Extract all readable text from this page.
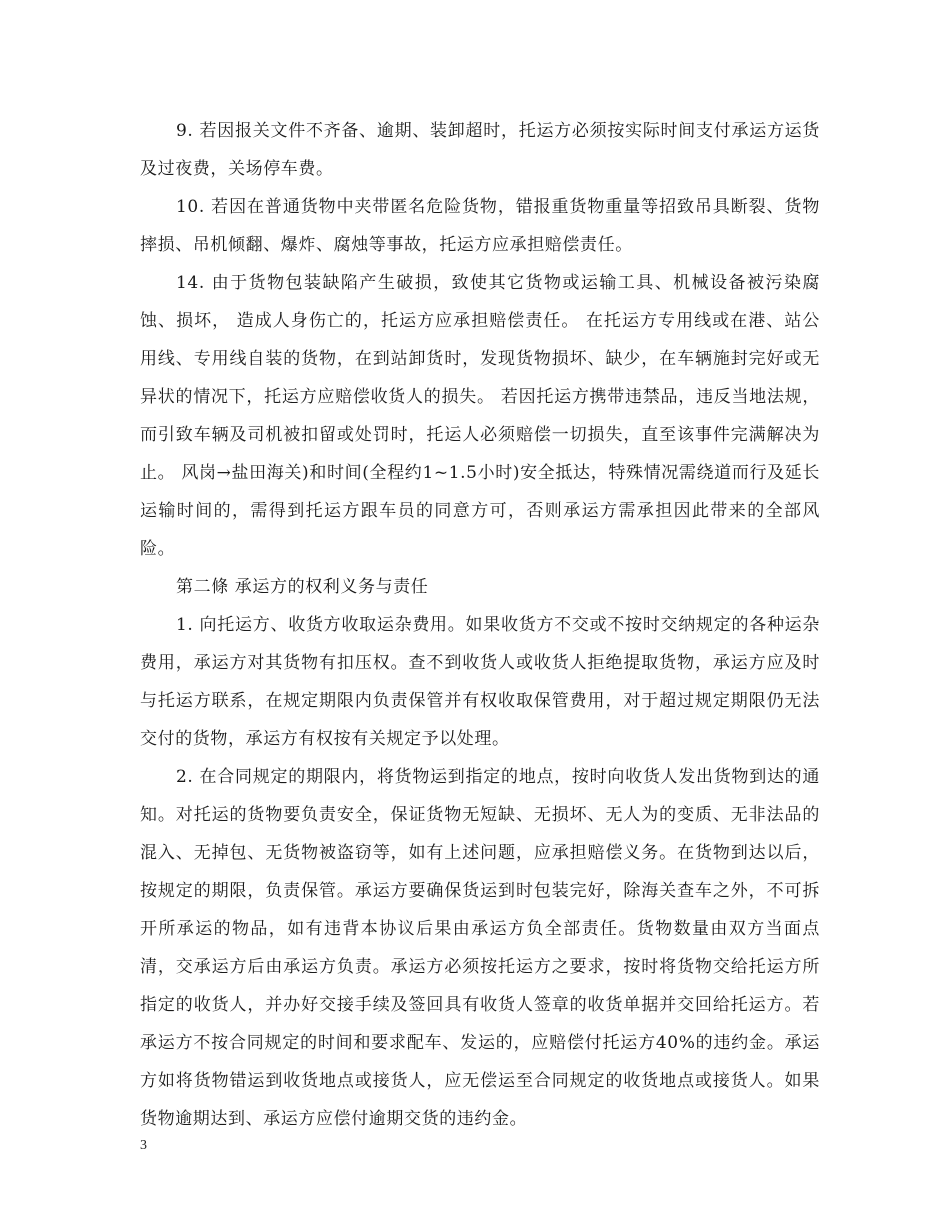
9. 若因报关文件不齐备、逾期、装卸超时，托运方必须按实际时间支付承运方运货及过夜费，关场停车费。

10. 若因在普通货物中夹带匿名危险货物，错报重货物重量等招致吊具断裂、货物摔损、吊机倾翻、爆炸、腐烛等事故，托运方应承担赔偿责任。

14. 由于货物包装缺陷产生破损，致使其它货物或运输工具、机械设备被污染腐蚀、损坏， 造成人身伤亡的，托运方应承担赔偿责任。 在托运方专用线或在港、站公用线、专用线自装的货物，在到站卸货时，发现货物损坏、缺少，在车辆施封完好或无异状的情况下，托运方应赔偿收货人的损失。 若因托运方携带违禁品，违反当地法规，而引致车辆及司机被扣留或处罚时，托运人必须赔偿一切损失，直至该事件完满解决为止。 风岗→盐田海关)和时间(全程约1~1.5小时)安全抵达，特殊情况需绕道而行及延长运输时间的，需得到托运方跟车员的同意方可，否则承运方需承担因此带来的全部风险。

第二條 承运方的权利义务与责任

1. 向托运方、收货方收取运杂费用。如果收货方不交或不按时交纳规定的各种运杂费用，承运方对其货物有扣压权。查不到收货人或收货人拒绝提取货物，承运方应及时与托运方联系，在规定期限内负责保管并有权收取保管费用，对于超过规定期限仍无法交付的货物，承运方有权按有关规定予以处理。

2. 在合同规定的期限内，将货物运到指定的地点，按时向收货人发出货物到达的通知。对托运的货物要负责安全，保证货物无短缺、无损坏、无人为的变质、无非法品的混入、无掉包、无货物被盗窃等，如有上述问题，应承担赔偿义务。在货物到达以后，按规定的期限，负责保管。承运方要确保货运到时包装完好，除海关查车之外，不可拆开所承运的物品，如有违背本协议后果由承运方负全部责任。货物数量由双方当面点清，交承运方后由承运方负责。承运方必须按托运方之要求，按时将货物交给托运方所指定的收货人，并办好交接手续及签回具有收货人签章的收货单据并交回给托运方。若承运方不按合同规定的时间和要求配车、发运的，应赔偿付托运方40%的违约金。承运方如将货物错运到收货地点或接货人，应无偿运至合同规定的收货地点或接货人。如果货物逾期达到、承运方应偿付逾期交货的违约金。

3
